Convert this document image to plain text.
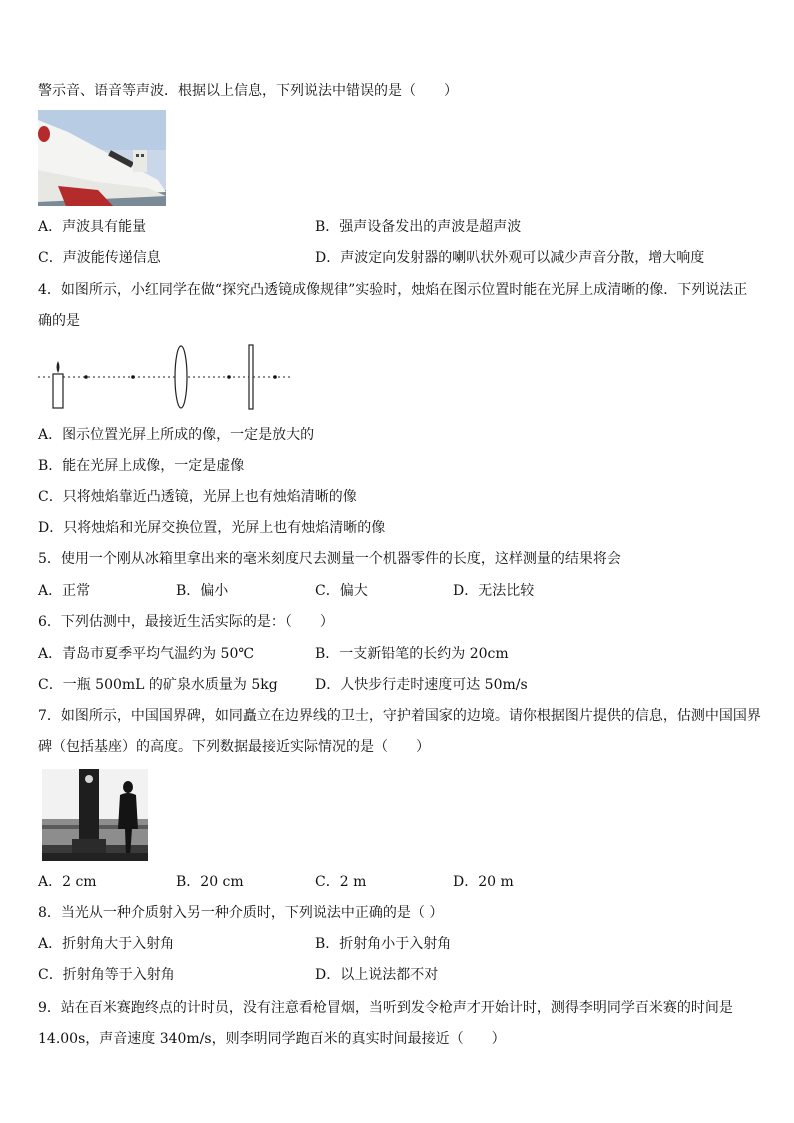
警示音、语音等声波．根据以上信息，下列说法中错误的是（　　）
A．声波具有能量	B．强声设备发出的声波是超声波
C．声波能传递信息	D．声波定向发射器的喇叭状外观可以减少声音分散，增大响度
4．如图所示，小红同学在做“探究凸透镜成像规律”实验时，烛焰在图示位置时能在光屏上成清晰的像．下列说法正
确的是
A．图示位置光屏上所成的像，一定是放大的
B．能在光屏上成像，一定是虚像
C．只将烛焰靠近凸透镜，光屏上也有烛焰清晰的像
D．只将烛焰和光屏交换位置，光屏上也有烛焰清晰的像
5．使用一个刚从冰箱里拿出来的毫米刻度尺去测量一个机器零件的长度，这样测量的结果将会
A．正常	B．偏小	C．偏大	D．无法比较
6．下列估测中，最接近生活实际的是：（　　）
A．青岛市夏季平均气温约为 50℃	B．一支新铅笔的长约为 20cm
C．一瓶 500mL 的矿泉水质量为 5kg	D．人快步行走时速度可达 50m/s
7．如图所示，中国国界碑，如同矗立在边界线的卫士，守护着国家的边境。请你根据图片提供的信息，估测中国国界
碑（包括基座）的高度。下列数据最接近实际情况的是（　　）
A．2 cm	B．20 cm	C．2 m	D．20 m
8．当光从一种介质射入另一种介质时，下列说法中正确的是（ ）
A．折射角大于入射角	B．折射角小于入射角
C．折射角等于入射角	D．以上说法都不对
9．站在百米赛跑终点的计时员，没有注意看枪冒烟，当听到发令枪声才开始计时，测得李明同学百米赛的时间是
14.00s，声音速度 340m/s，则李明同学跑百米的真实时间最接近（　　）
